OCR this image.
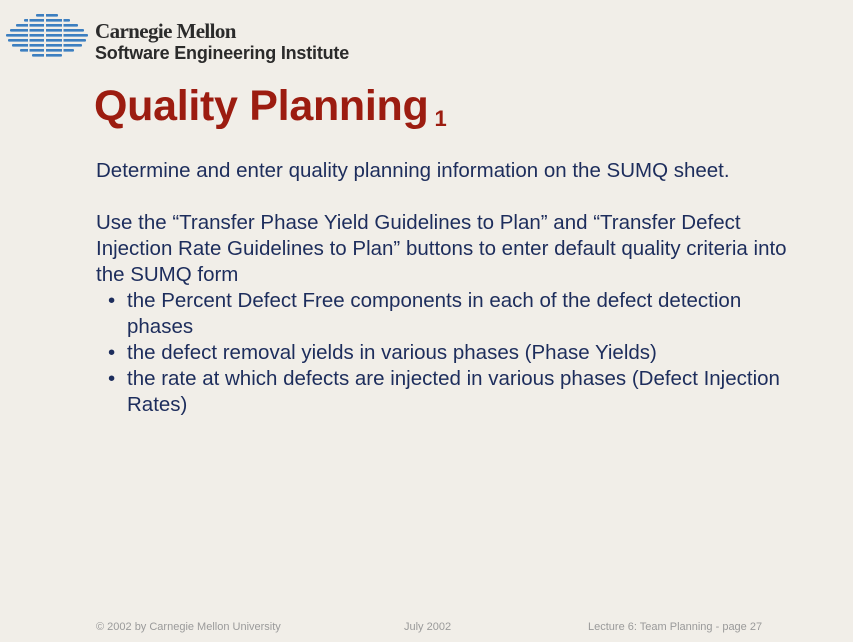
Carnegie Mellon
Software Engineering Institute
Quality Planning 1

Determine and enter quality planning information on the SUMQ sheet.

Use the “Transfer Phase Yield Guidelines to Plan” and “Transfer Defect Injection Rate Guidelines to Plan” buttons to enter default quality criteria into the SUMQ form

• the Percent Defect Free components in each of the defect detection phases
• the defect removal yields in various phases (Phase Yields)
• the rate at which defects are injected in various phases (Defect Injection Rates)
© 2002 by Carnegie Mellon University	July 2002	Lecture 6: Team Planning - page 27
